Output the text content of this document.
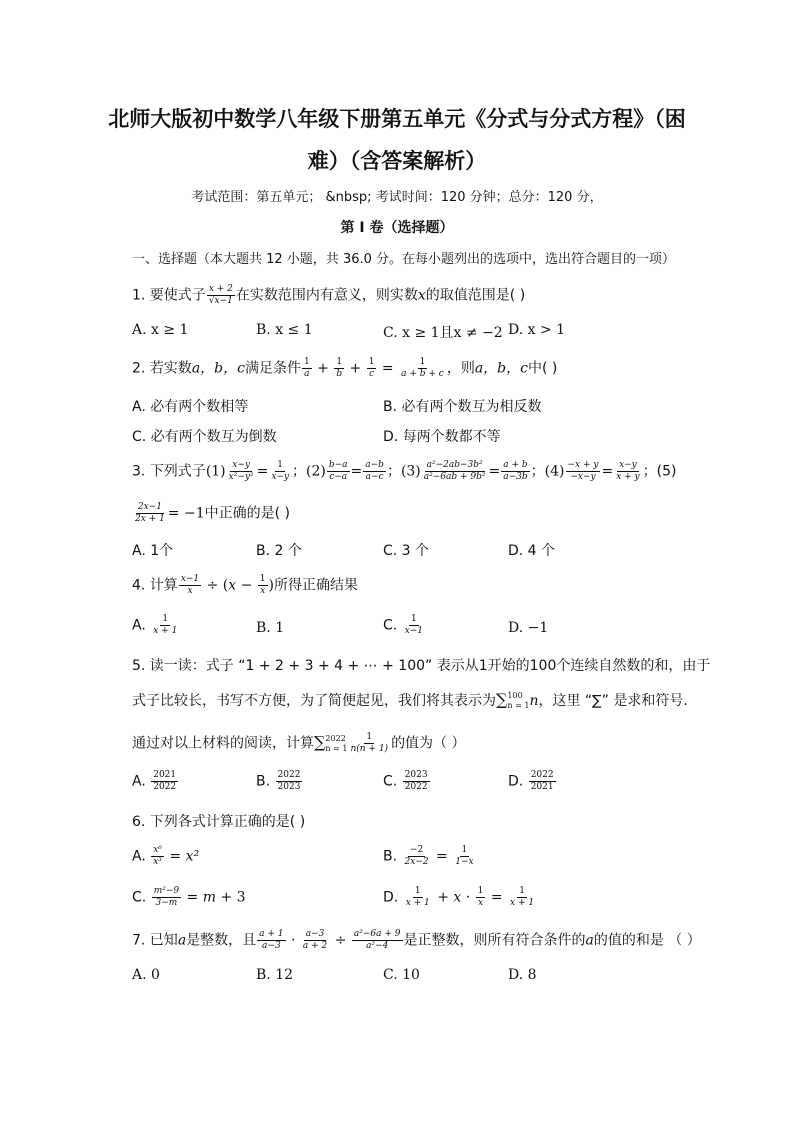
北师大版初中数学八年级下册第五单元《分式与分式方程》（困
难）（含答案解析）
考试范围：第五单元； &nbsp; 考试时间：120 分钟；总分：120 分，
第 I 卷（选择题）
一、选择题（本大题共 12 小题，共 36.0 分。在每小题列出的选项中，选出符合题目的一项）
1. 要使式子 $\frac{x + 2}{√x-1}$ 在实数范围内有意义，则实数x的取值范围是( )
A. x ≥ 1	B. x ≤ 1	C. x ≥ 1且x ≠ −2 D. x > 1
2. 若实数a，b，c满足条件 $\frac{1}{a} + \frac{1}{b} + \frac{1}{c} = \frac{1}{a + b + c}$ ，则a，b，c中( )
A. 必有两个数相等	B. 必有两个数互为相反数
C. 必有两个数互为倒数	D. 每两个数都不等
3. 下列式子$(1) \frac{x-y}{\text{x²−y²}} = \frac{1}{x-y}$ ；$(2) \frac{b-a}{c-a} = \frac{a-b}{a-c}$ ；$(3) \frac{\text{a²−2ab−3b²}}{\text{a²−6ab + 9b²}} = \frac{a + b}{a-3b}$ ；$(4) \frac{-x + y}{-x-y} = \frac{x-y}{x + y}$ ；(5)
$\frac{2x-1}{2x + 1} = -1$中正确的是( )
A. 1个	B. 2 个	C. 3 个	D. 4 个
4. 计算 $\frac{x-1}{x} \div (x - \frac{1}{x}$ )所得正确结果
A. $\frac{1}{x + 1}$	B. 1	C. $\frac{1}{x-1}$	D. −1
5. 读一读：式子 “1 + 2 + 3 + 4 + ⋯ + 100” 表示从1开始的100个连续自然数的和，由于
式子比较长，书写不方便，为了简便起见，我们将其表示为∑ 100
n = 1 n，这里 “∑” 是求和符号.
通过对以上材料的阅读，计算∑ 2022
$n = 1 \frac{1}{n(n + 1)}$ 的值为（ ）
A. $\frac{2021}{2022}$	B. $\frac{2022}{2023}$	C. $\frac{2023}{2022}$	D. $\frac{2022}{2021}$
6. 下列各式计算正确的是( )
A. $\frac{\text{x⁶}}{\text{x³}} = x^2$	B. $\frac{-2}{2x-2} = \frac{1}{1-x}$
C. $\frac{\text{m²−9}}{3-m} = m + 3$	D. $\frac{1}{x + 1} + x \cdot \frac{1}{x} = \frac{1}{x + 1}$
7. 已知a是整数，且 $\frac{a + 1}{a-3} \cdot \frac{a-3}{a + 2} \div \frac{\text{a²−6a + 9}}{\text{a²−4}}$ 是正整数，则所有符合条件的a的值的和是 （ ）
A. 0	B. 12	C. 10	D. 8
